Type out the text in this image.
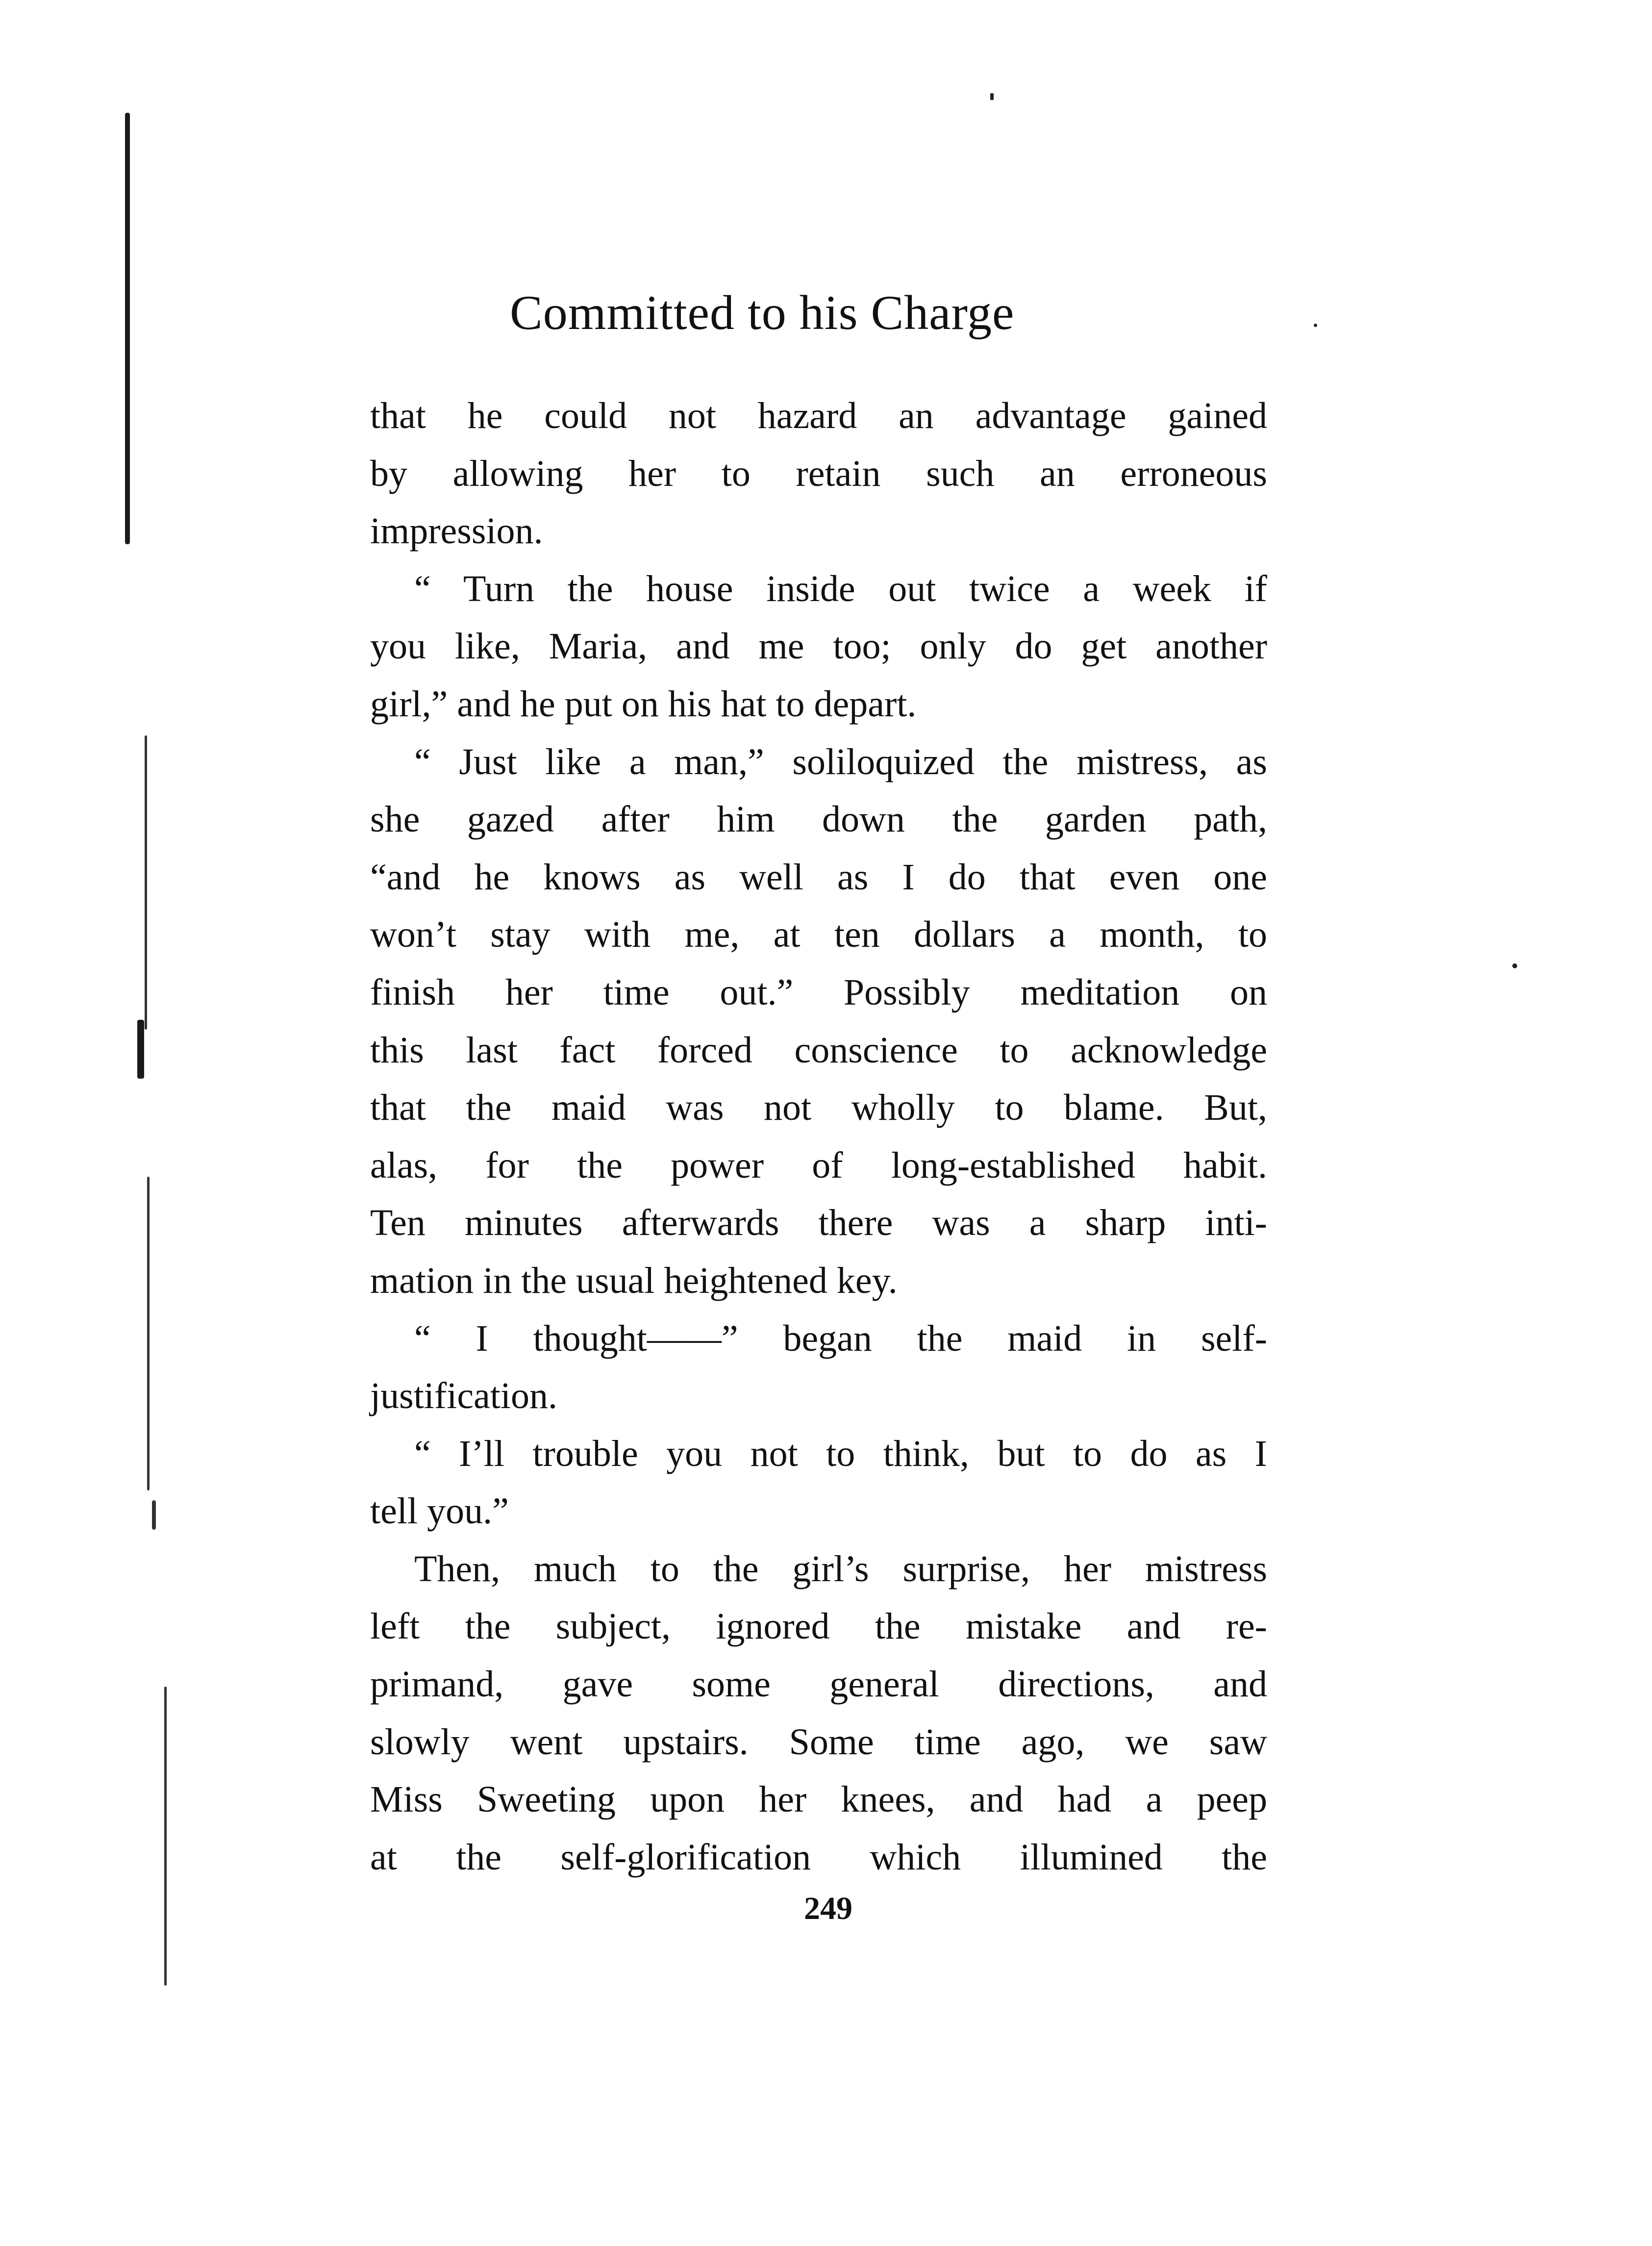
Committed to his Charge
that he could not hazard an advantage gained
by allowing her to retain such an erroneous
impression.
“ Turn the house inside out twice a week if
you like, Maria, and me too; only do get another
girl,” and he put on his hat to depart.
“ Just like a man,” soliloquized the mistress, as
she gazed after him down the garden path,
“and he knows as well as I do that even one
won’t stay with me, at ten dollars a month, to
finish her time out.” Possibly meditation on
this last fact forced conscience to acknowledge
that the maid was not wholly to blame. But,
alas, for the power of long-established habit.
Ten minutes afterwards there was a sharp inti-
mation in the usual heightened key.
“ I thought——” began the maid in self-
justification.
“ I’ll trouble you not to think, but to do as I
tell you.”
Then, much to the girl’s surprise, her mistress
left the subject, ignored the mistake and re-
primand, gave some general directions, and
slowly went upstairs. Some time ago, we saw
Miss Sweeting upon her knees, and had a peep
at the self-glorification which illumined the
249
